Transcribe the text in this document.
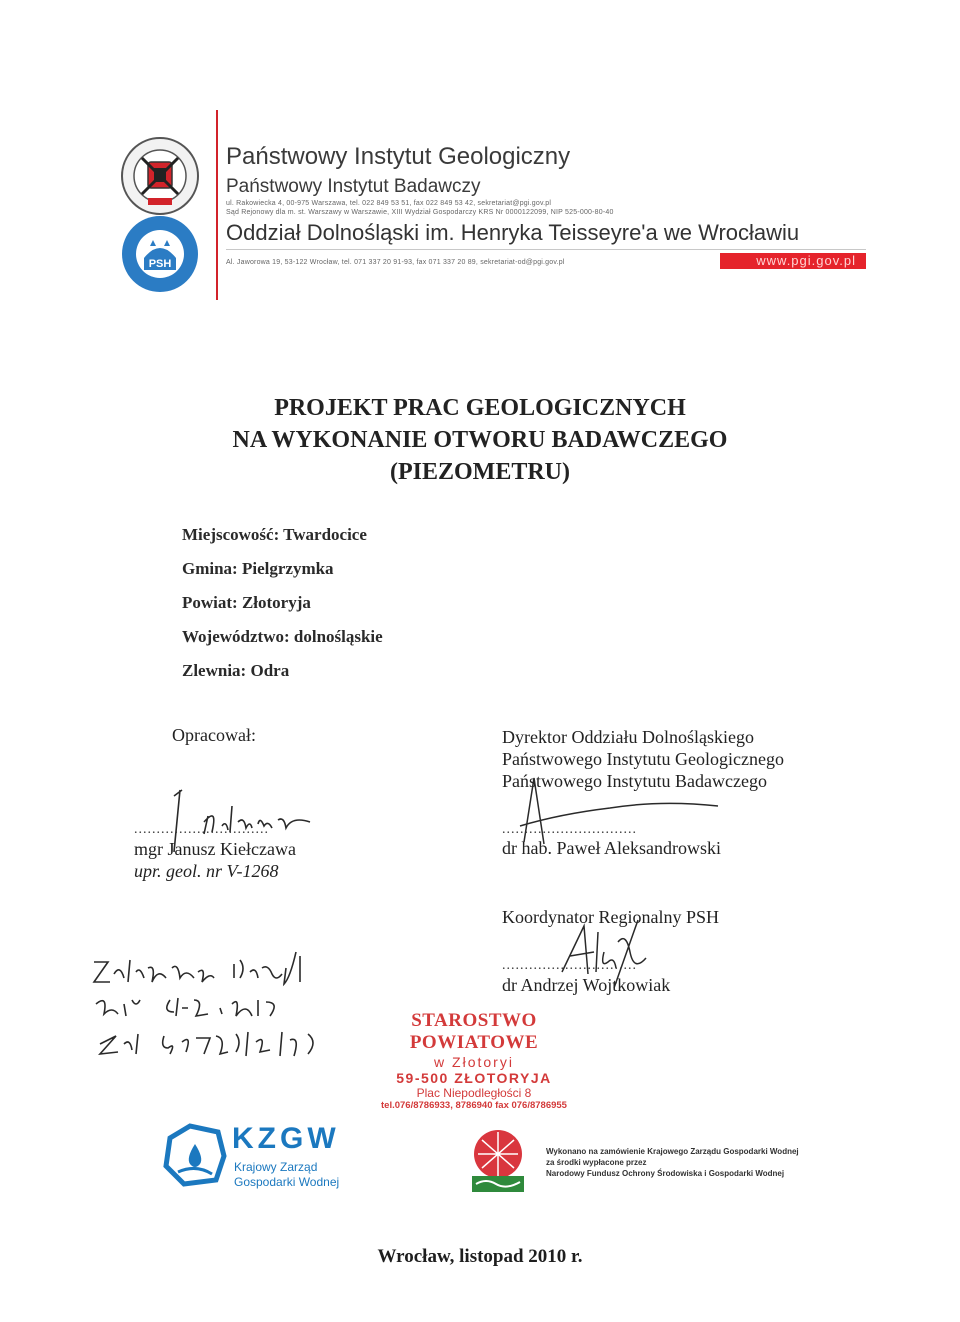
PSH
Państwowy Instytut Geologiczny
Państwowy Instytut Badawczy
ul. Rakowiecka 4, 00-975 Warszawa, tel. 022 849 53 51, fax 022 849 53 42, sekretariat@pgi.gov.pl
Sąd Rejonowy dla m. st. Warszawy w Warszawie, XIII Wydział Gospodarczy KRS Nr 0000122099, NIP 525-000-80-40
Oddział Dolnośląski im. Henryka Teisseyre'a we Wrocławiu
Al. Jaworowa 19, 53-122 Wrocław, tel. 071 337 20 91-93, fax 071 337 20 89, sekretariat-od@pgi.gov.pl	www.pgi.gov.pl
PROJEKT PRAC GEOLOGICZNYCH
NA WYKONANIE OTWORU BADAWCZEGO
(PIEZOMETRU)
Miejscowość: Twardocice
Gmina: Pielgrzymka
Powiat: Złotoryja
Województwo: dolnośląskie
Zlewnia: Odra
Opracował:
..............................
mgr Janusz Kiełczawa
upr. geol. nr V-1268
Dyrektor Oddziału Dolnośląskiego
Państwowego Instytutu Geologicznego
Państwowego Instytutu Badawczego
..............................
dr hab. Paweł Aleksandrowski
Koordynator Regionalny PSH
..............................
dr Andrzej Wojtkowiak
STAROSTWO POWIATOWE
w Złotoryi
59-500 ZŁOTORYJA
Plac Niepodległości 8
tel.076/8786933, 8786940 fax 076/8786955
KZGW
Krajowy Zarząd
Gospodarki Wodnej
Wykonano na zamówienie Krajowego Zarządu Gospodarki Wodnej
za środki wypłacone przez
Narodowy Fundusz Ochrony Środowiska i Gospodarki Wodnej
Wrocław, listopad 2010 r.
